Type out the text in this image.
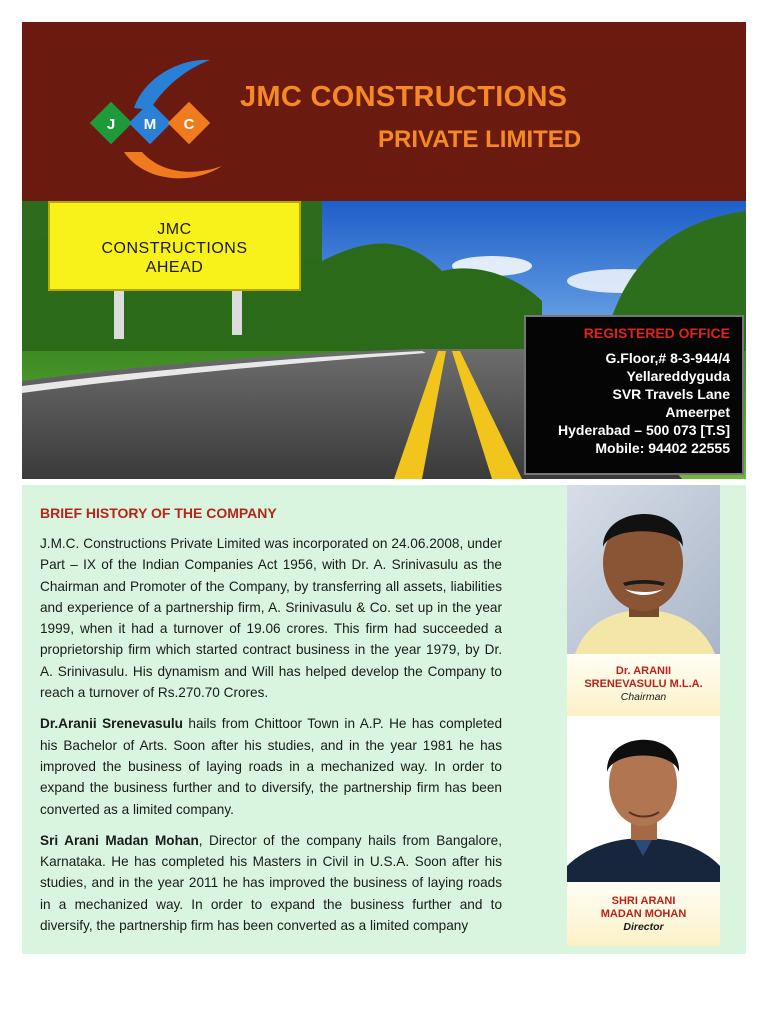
J M C
JMC CONSTRUCTIONS
PRIVATE LIMITED
JMC
CONSTRUCTIONS
AHEAD
REGISTERED OFFICE
G.Floor,# 8-3-944/4
Yellareddyguda
SVR Travels Lane
Ameerpet
Hyderabad – 500 073 [T.S]
Mobile: 94402 22555
BRIEF HISTORY OF THE COMPANY

J.M.C. Constructions Private Limited was incorporated on 24.06.2008, under Part – IX of the Indian Companies Act 1956, with Dr. A. Srinivasulu as the Chairman and Promoter of the Company, by transferring all assets, liabilities and experience of a partnership firm, A. Srinivasulu & Co. set up in the year 1999, when it had a turnover of 19.06 crores. This firm had succeeded a proprietorship firm which started contract business in the year 1979, by Dr. A. Srinivasulu. His dynamism and Will has helped develop the Company to reach a turnover of Rs.270.70 Crores.

Dr.Aranii Srenevasulu hails from Chittoor Town in A.P. He has completed his Bachelor of Arts. Soon after his studies, and in the year 1981 he has improved the business of laying roads in a mechanized way. In order to expand the business further and to diversify, the partnership firm has been converted as a limited company.

Sri Arani Madan Mohan, Director of the company hails from Bangalore, Karnataka. He has completed his Masters in Civil in U.S.A. Soon after his studies, and in the year 2011 he has improved the business of laying roads in a mechanized way. In order to expand the business further and to diversify, the partnership firm has been converted as a limited company

Dr. ARANII
SRENEVASULU M.L.A.
Chairman
SHRI ARANI
MADAN MOHAN
Director
